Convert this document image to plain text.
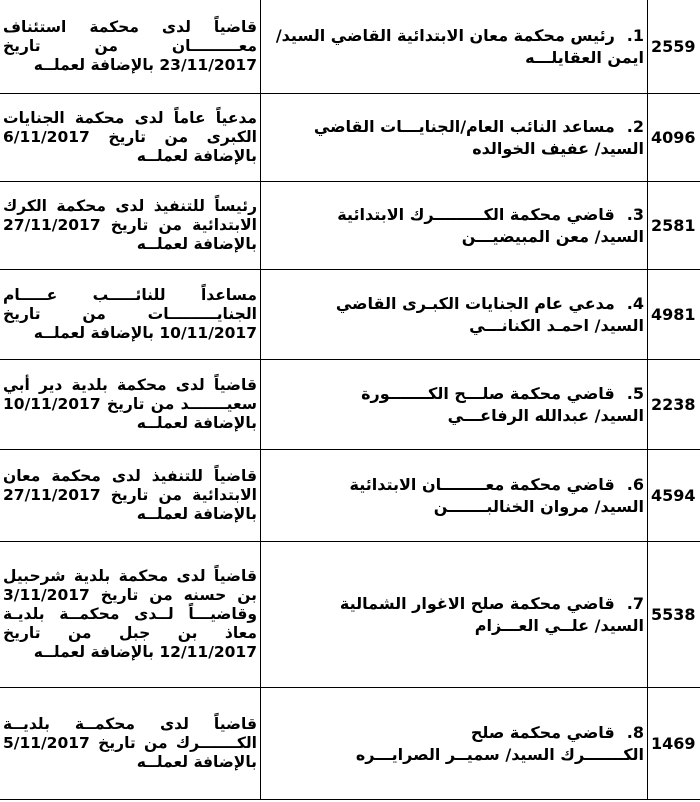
قاضياً لدى محكمة استئناف معـــــــــان من تاريخ 23/11/2017 بالإضافة لعملــه	1.رئيس محكمة معان الابتدائية القاضي السيد/
ايمن العقايلـــه	2559
مدعياً عاماً لدى محكمة الجنايات الكبرى من تاريخ 6/11/2017 بالإضافة لعملــه	2.مساعد النائب العام/الجنايـــات القاضي
السيد/ عفيف الخوالده	4096
رئيساً للتنفيذ لدى محكمة الكرك الابتدائية من تاريخ 27/11/2017 بالإضافة لعملــه	3.قاضي محكمة الكـــــــــرك الابتدائية
السيد/ معن المبيضيـــن	2581
مساعداً للنائـــــب عـــــام الجنايـــــــــات من تاريخ 10/11/2017 بالإضافة لعملــه	4.مدعي عام الجنايات الكبـرى القاضي
السيد/ احمـد الكنانـــي	4981
قاضياً لدى محكمة بلدية دير أبي سعيـــــــد من تاريخ 10/11/2017 بالإضافة لعملــه	5.قاضي محكمة صلـــح الكـــــــورة
السيد/ عبدالله الرفاعـــي	2238
قاضياً للتنفيذ لدى محكمة معان الابتدائية من تاريخ 27/11/2017 بالإضافة لعملــه	6.قاضي محكمة معــــــــان الابتدائية
السيد/ مروان الخنالبـــــــن	4594
قاضياً لدى محكمة بلدية شرحبيل بن حسنه من تاريخ 3/11/2017 وقاضيـــاً لــدى محكمــة بلديـة معاذ بن جبل من تاريخ 12/11/2017 بالإضافة لعملــه	7.قاضي محكمة صلح الاغوار الشمالية
السيد/ علــي العـــزام	5538
قاضياً لدى محكمــة بلديــة الكـــــــرك من تاريخ 5/11/2017 بالإضافة لعملــه	8.قاضي محكمة صلح
الكـــــــرك السيد/ سميــر الصرايـــره	1469
